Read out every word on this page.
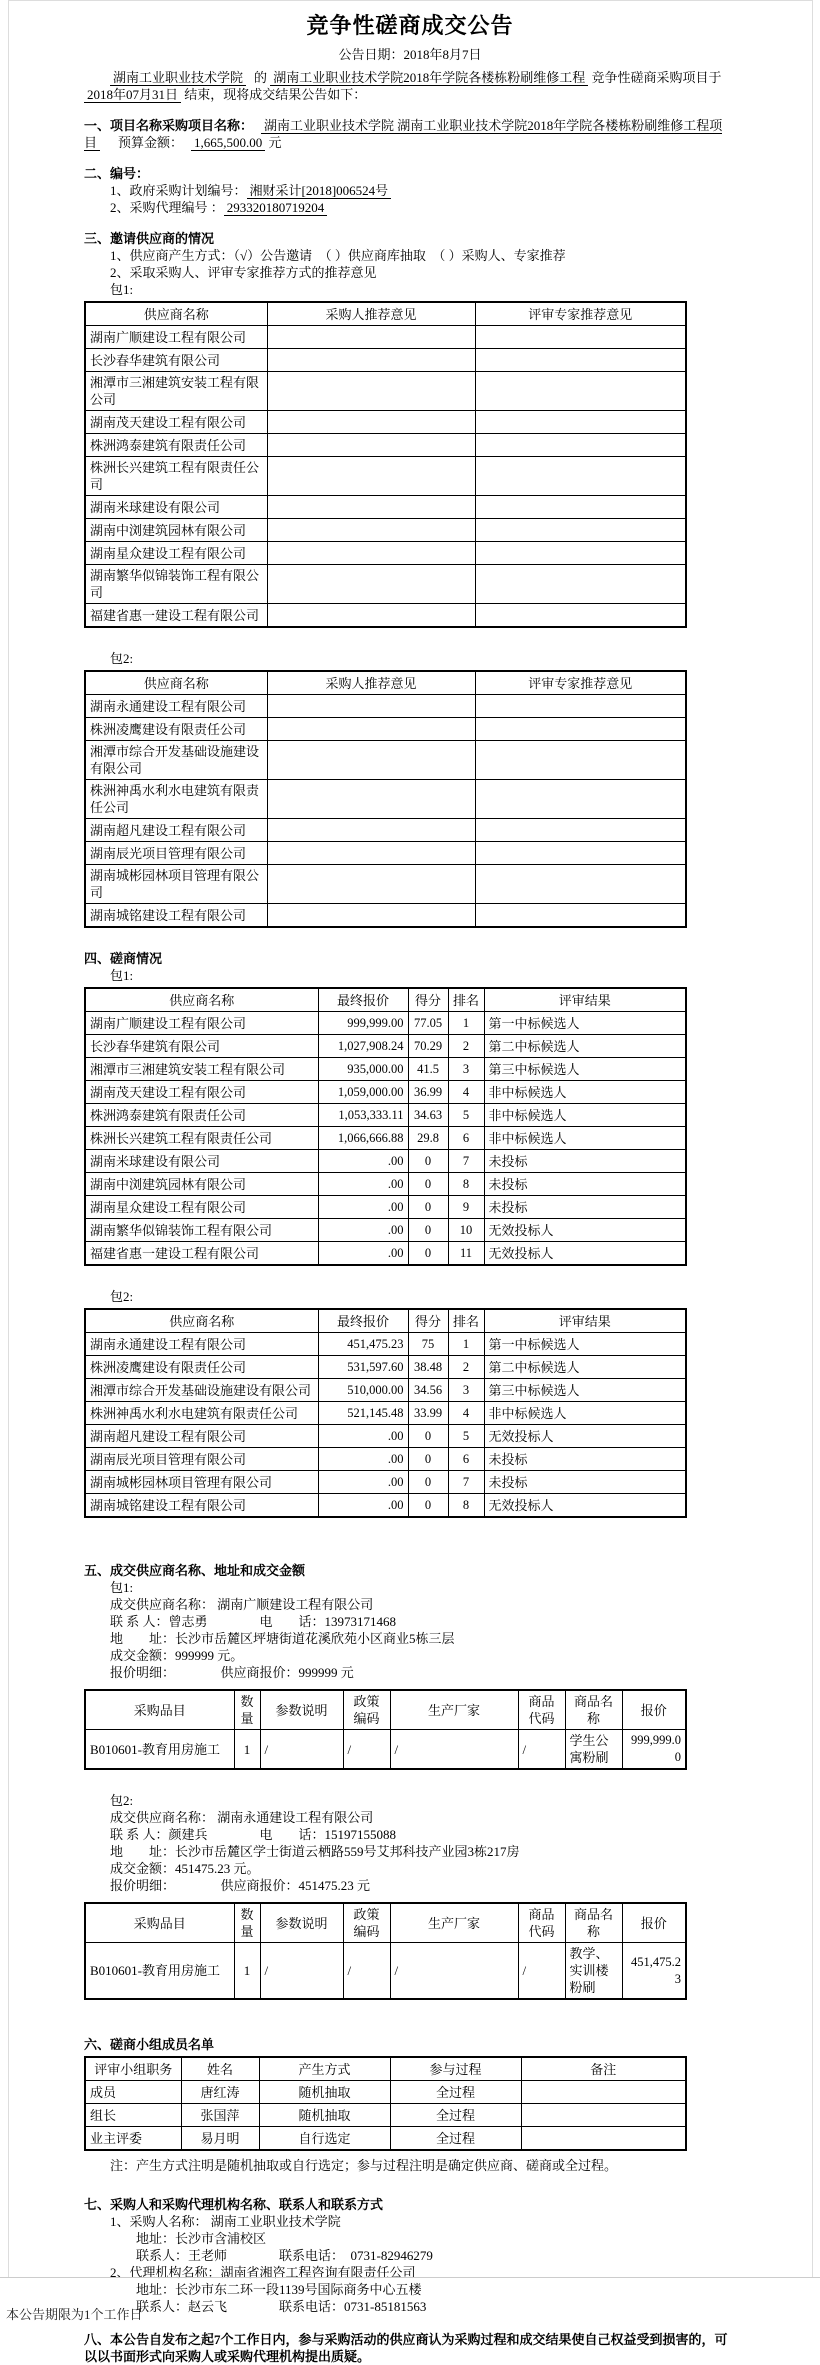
竞争性磋商成交公告

公告日期：2018年8月7日

湖南工业职业技术学院 的 湖南工业职业技术学院2018年学院各楼栋粉刷维修工程 竞争性磋商采购项目于 2018年07月31日 结束，现将成交结果公告如下：

一、项目名称采购项目名称： 湖南工业职业技术学院 湖南工业职业技术学院2018年学院各楼栋粉刷维修工程项目 预算金额： 1,665,500.00 元

二、编号：

1、政府采购计划编号： 湘财采计[2018]006524号

2、采购代理编号 ： 293320180719204

三、邀请供应商的情况

1、供应商产生方式：（√）公告邀请　（ ）供应商库抽取　（ ）采购人、专家推荐

2、采取采购人、评审专家推荐方式的推荐意见

包1:

供应商名称	采购人推荐意见	评审专家推荐意见
湖南广顺建设工程有限公司		
长沙春华建筑有限公司		
湘潭市三湘建筑安装工程有限公司		
湖南茂天建设工程有限公司		
株洲鸿泰建筑有限责任公司		
株洲长兴建筑工程有限责任公司		
湖南米球建设有限公司		
湖南中浏建筑园林有限公司		
湖南星众建设工程有限公司		
湖南繁华似锦装饰工程有限公司		
福建省惠一建设工程有限公司		

包2:

供应商名称	采购人推荐意见	评审专家推荐意见
湖南永通建设工程有限公司		
株洲凌鹰建设有限责任公司		
湘潭市综合开发基础设施建设有限公司		
株洲神禹水利水电建筑有限责任公司		
湖南超凡建设工程有限公司		
湖南辰光项目管理有限公司		
湖南城彬园林项目管理有限公司		
湖南城铭建设工程有限公司		

四、磋商情况

包1:

供应商名称	最终报价	得分	排名	评审结果
湖南广顺建设工程有限公司	999,999.00	77.05	1	第一中标候选人
长沙春华建筑有限公司	1,027,908.24	70.29	2	第二中标候选人
湘潭市三湘建筑安装工程有限公司	935,000.00	41.5	3	第三中标候选人
湖南茂天建设工程有限公司	1,059,000.00	36.99	4	非中标候选人
株洲鸿泰建筑有限责任公司	1,053,333.11	34.63	5	非中标候选人
株洲长兴建筑工程有限责任公司	1,066,666.88	29.8	6	非中标候选人
湖南米球建设有限公司	.00	0	7	未投标
湖南中浏建筑园林有限公司	.00	0	8	未投标
湖南星众建设工程有限公司	.00	0	9	未投标
湖南繁华似锦装饰工程有限公司	.00	0	10	无效投标人
福建省惠一建设工程有限公司	.00	0	11	无效投标人

包2:

供应商名称	最终报价	得分	排名	评审结果
湖南永通建设工程有限公司	451,475.23	75	1	第一中标候选人
株洲凌鹰建设有限责任公司	531,597.60	38.48	2	第二中标候选人
湘潭市综合开发基础设施建设有限公司	510,000.00	34.56	3	第三中标候选人
株洲神禹水利水电建筑有限责任公司	521,145.48	33.99	4	非中标候选人
湖南超凡建设工程有限公司	.00	0	5	无效投标人
湖南辰光项目管理有限公司	.00	0	6	未投标
湖南城彬园林项目管理有限公司	.00	0	7	未投标
湖南城铭建设工程有限公司	.00	0	8	无效投标人

五、成交供应商名称、地址和成交金额

包1:

成交供应商名称： 湖南广顺建设工程有限公司

联 系 人：曾志勇　　　　电　　话：13973171468

地　　址：长沙市岳麓区坪塘街道花溪欣苑小区商业5栋三层

成交金额：999999 元。

报价明细：　　　　供应商报价：999999 元

采购品目	数量	参数说明	政策编码	生产厂家	商品代码	商品名称	报价
B010601-教育用房施工	1	/	/	/	/	学生公寓粉刷	999,999.00

包2:

成交供应商名称： 湖南永通建设工程有限公司

联 系 人：颜建兵　　　　电　　话：15197155088

地　　址：长沙市岳麓区学士街道云栖路559号艾邦科技产业园3栋217房

成交金额：451475.23 元。

报价明细：　　　　供应商报价：451475.23 元

采购品目	数量	参数说明	政策编码	生产厂家	商品代码	商品名称	报价
B010601-教育用房施工	1	/	/	/	/	教学、实训楼粉刷	451,475.23

六、磋商小组成员名单

评审小组职务	姓名	产生方式	参与过程	备注
成员	唐红涛	随机抽取	全过程	
组长	张国萍	随机抽取	全过程	
业主评委	易月明	自行选定	全过程	

注：产生方式注明是随机抽取或自行选定；参与过程注明是确定供应商、磋商或全过程。

七、采购人和采购代理机构名称、联系人和联系方式

1、采购人名称： 湖南工业职业技术学院

地址：长沙市含浦校区

联系人：王老师　　　　联系电话：　0731-82946279

2、代理机构名称：湖南省湘咨工程咨询有限责任公司

地址：长沙市东二环一段1139号国际商务中心五楼

联系人：赵云飞　　　　联系电话：0731-85181563

八、本公告自发布之起7个工作日内，参与采购活动的供应商认为采购过程和成交结果使自己权益受到损害的，可以以书面形式向采购人或采购代理机构提出质疑。

本公告期限为1个工作日
